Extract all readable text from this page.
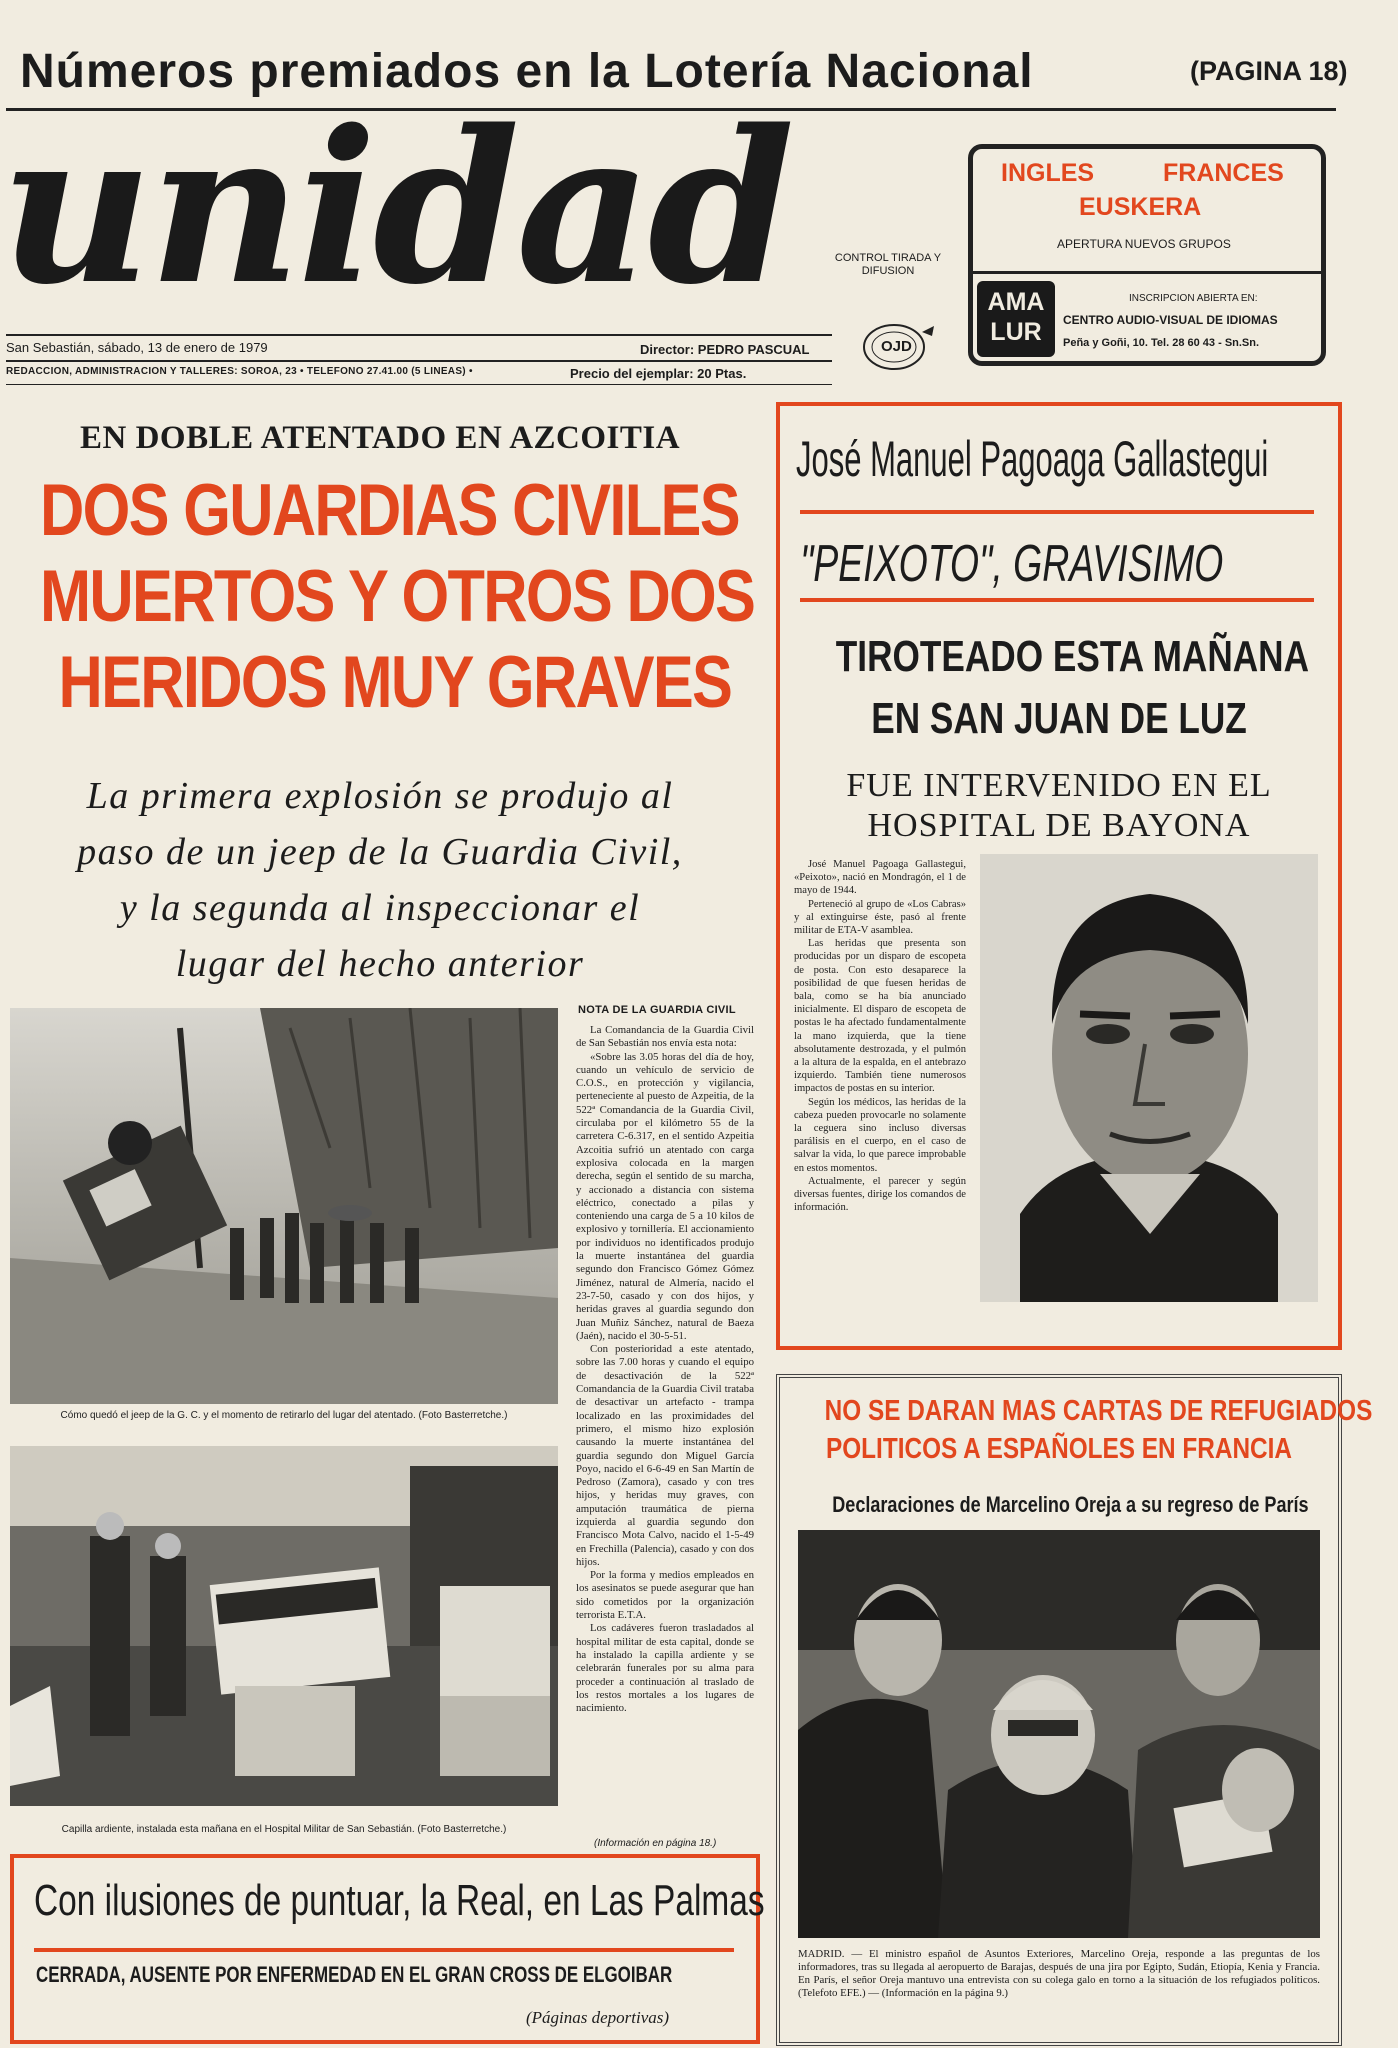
Números premiados en la Lotería Nacional	(PAGINA 18)
unidad	CONTROL TIRADA Y DIFUSION
OJD
San Sebastián, sábado, 13 de enero de 1979	Director: PEDRO PASCUAL
REDACCION, ADMINISTRACION Y TALLERES: SOROA, 23 • TELEFONO 27.41.00 (5 LINEAS) •	Precio del ejemplar: 20 Ptas.
INGLES	FRANCES
EUSKERA
APERTURA NUEVOS GRUPOS
AMA
LUR
INSCRIPCION ABIERTA EN:
CENTRO AUDIO-VISUAL DE IDIOMAS
Peña y Goñi, 10. Tel. 28 60 43 - Sn.Sn.
EN DOBLE ATENTADO EN AZCOITIA
DOS GUARDIAS CIVILES
MUERTOS Y OTROS DOS
HERIDOS MUY GRAVES
La primera explosión se produjo al
paso de un jeep de la Guardia Civil,
y la segunda al inspeccionar el
lugar del hecho anterior
Cómo quedó el jeep de la G. C. y el momento de retirarlo del lugar del atentado. (Foto Basterretche.)
Capilla ardiente, instalada esta mañana en el Hospital Militar de San Sebastián. (Foto Basterretche.)
NOTA DE LA GUARDIA CIVIL

La Comandancia de la Guardia Civil de San Sebastián nos envía esta nota:

«Sobre las 3.05 horas del día de hoy, cuando un vehículo de servicio de C.O.S., en protección y vigilancia, perteneciente al puesto de Azpeitia, de la 522ª Comandancia de la Guardia Civil, circulaba por el kilómetro 55 de la carretera C-6.317, en el sentido Azpeitia Azcoitia sufrió un atentado con carga explosiva colocada en la margen derecha, según el sentido de su marcha, y accionado a distancia con sistema eléctrico, conectado a pilas y conteniendo una carga de 5 a 10 kilos de explosivo y tornillería. El accionamiento por individuos no identificados produjo la muerte instantánea del guardia segundo don Francisco Gómez Gómez Jiménez, natural de Almería, nacido el 23-7-50, casado y con dos hijos, y heridas graves al guardia segundo don Juan Muñiz Sánchez, natural de Baeza (Jaén), nacido el 30-5-51.

Con posterioridad a este atentado, sobre las 7.00 horas y cuando el equipo de desactivación de la 522ª Comandancia de la Guardia Civil trataba de desactivar un artefacto - trampa localizado en las proximidades del primero, el mismo hizo explosión causando la muerte instantánea del guardia segundo don Miguel García Poyo, nacido el 6-6-49 en San Martín de Pedroso (Zamora), casado y con tres hijos, y heridas muy graves, con amputación traumática de pierna izquierda al guardia segundo don Francisco Mota Calvo, nacido el 1-5-49 en Frechilla (Palencia), casado y con dos hijos.

Por la forma y medios empleados en los asesinatos se puede asegurar que han sido cometidos por la organización terrorista E.T.A.

Los cadáveres fueron trasladados al hospital militar de esta capital, donde se ha instalado la capilla ardiente y se celebrarán funerales por su alma para proceder a continuación al traslado de los restos mortales a los lugares de nacimiento.

(Información en página 18.)
José Manuel Pagoaga Gallastegui
"PEIXOTO", GRAVISIMO
TIROTEADO ESTA MAÑANA
EN SAN JUAN DE LUZ
FUE INTERVENIDO EN EL
HOSPITAL DE BAYONA

José Manuel Pagoaga Gallastegui, «Peixoto», nació en Mondragón, el 1 de mayo de 1944.

Perteneció al grupo de «Los Cabras» y al extinguirse éste, pasó al frente militar de ETA-V asamblea.

Las heridas que presenta son producidas por un disparo de escopeta de posta. Con esto desaparece la posibilidad de que fuesen heridas de bala, como se ha bía anunciado inicialmente. El disparo de escopeta de postas le ha afectado fundamentalmente la mano izquierda, que la tiene absolutamente destrozada, y el pulmón a la altura de la espalda, en el antebrazo izquierdo. También tiene numerosos impactos de postas en su interior.

Según los médicos, las heridas de la cabeza pueden provocarle no solamente la ceguera sino incluso diversas parálisis en el cuerpo, en el caso de salvar la vida, lo que parece improbable en estos momentos.

Actualmente, el parecer y según diversas fuentes, dirige los comandos de información.

NO SE DARAN MAS CARTAS DE REFUGIADOS
POLITICOS A ESPAÑOLES EN FRANCIA
Declaraciones de Marcelino Oreja a su regreso de París
MADRID. — El ministro español de Asuntos Exteriores, Marcelino Oreja, responde a las preguntas de los informadores, tras su llegada al aeropuerto de Barajas, después de una jira por Egipto, Sudán, Etiopía, Kenia y Francia. En París, el señor Oreja mantuvo una entrevista con su colega galo en torno a la situación de los refugiados políticos. (Telefoto EFE.) — (Información en la página 9.)
Con ilusiones de puntuar, la Real, en Las Palmas
CERRADA, AUSENTE POR ENFERMEDAD EN EL GRAN CROSS DE ELGOIBAR
(Páginas deportivas)
